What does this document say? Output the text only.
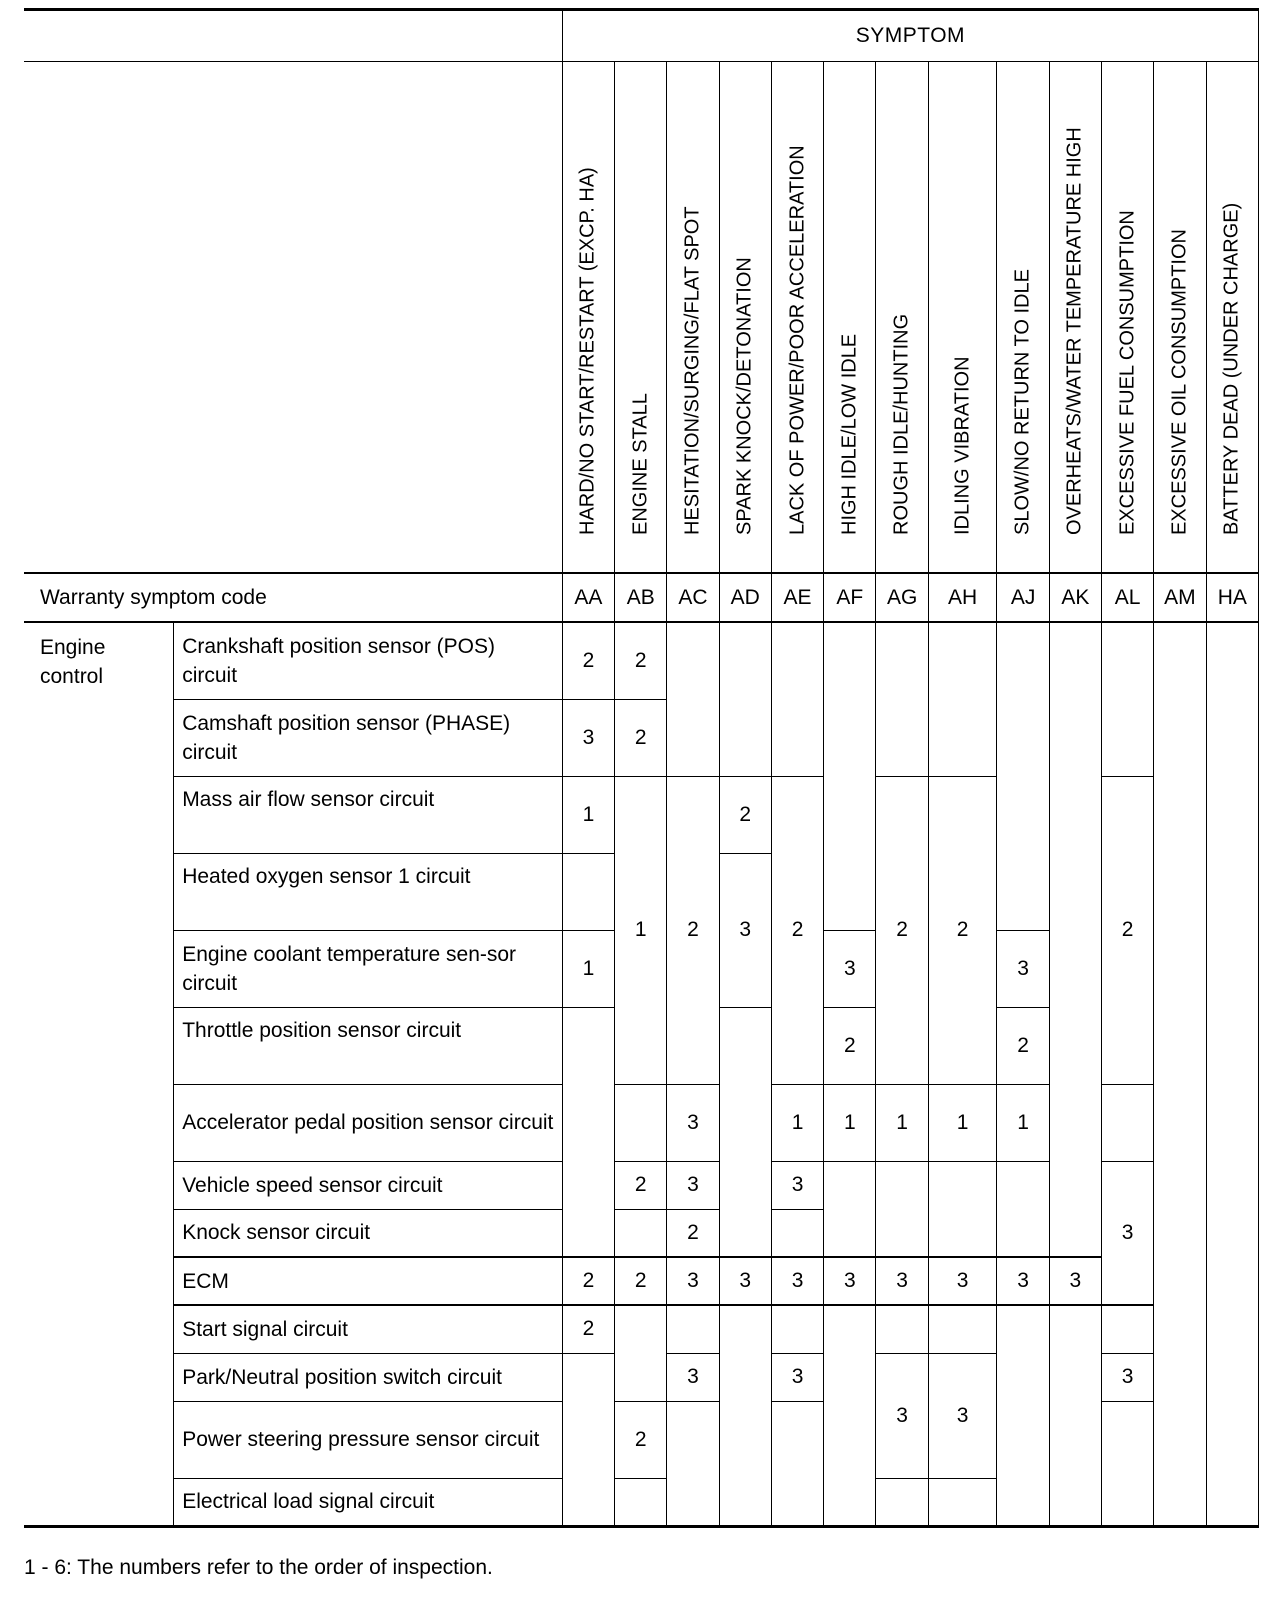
		SYMPTOM												

		HARD/NO START/RESTART (EXCP. HA)	ENGINE STALL	HESITATION/SURGING/FLAT SPOT	SPARK KNOCK/DETONATION	LACK OF POWER/POOR ACCELERATION	HIGH IDLE/LOW IDLE	ROUGH IDLE/HUNTING	IDLING VIBRATION	SLOW/NO RETURN TO IDLE	OVERHEATS/WATER TEMPERATURE HIGH	EXCESSIVE FUEL CONSUMPTION	EXCESSIVE OIL CONSUMPTION	BATTERY DEAD (UNDER CHARGE)

Warranty symptom code		AA	AB	AC	AD	AE	AF	AG	AH	AJ	AK	AL	AM	HA
Engine control	Crankshaft position sensor (POS) circuit	2	2											
	Camshaft position sensor (PHASE) circuit	3	2											
	Mass air flow sensor circuit	1	1	2	2	2		2	2			2		
	Heated oxygen sensor 1 circuit				3									
	Engine coolant temperature sen-sor circuit	1					3			3				
	Throttle position sensor circuit						2			2				
	Accelerator pedal position sensor circuit			3		1	1	1	1	1				
	Vehicle speed sensor circuit		2	3		3						3		
	Knock sensor circuit			2										
	ECM	2	2	3	3	3	3	3	3	3	3			
	Start signal circuit	2												
	Park/Neutral position switch circuit			3		3		3	3			3		
	Power steering pressure sensor circuit		2											
	Electrical load signal circuit													
1 - 6: The numbers refer to the order of inspection.
